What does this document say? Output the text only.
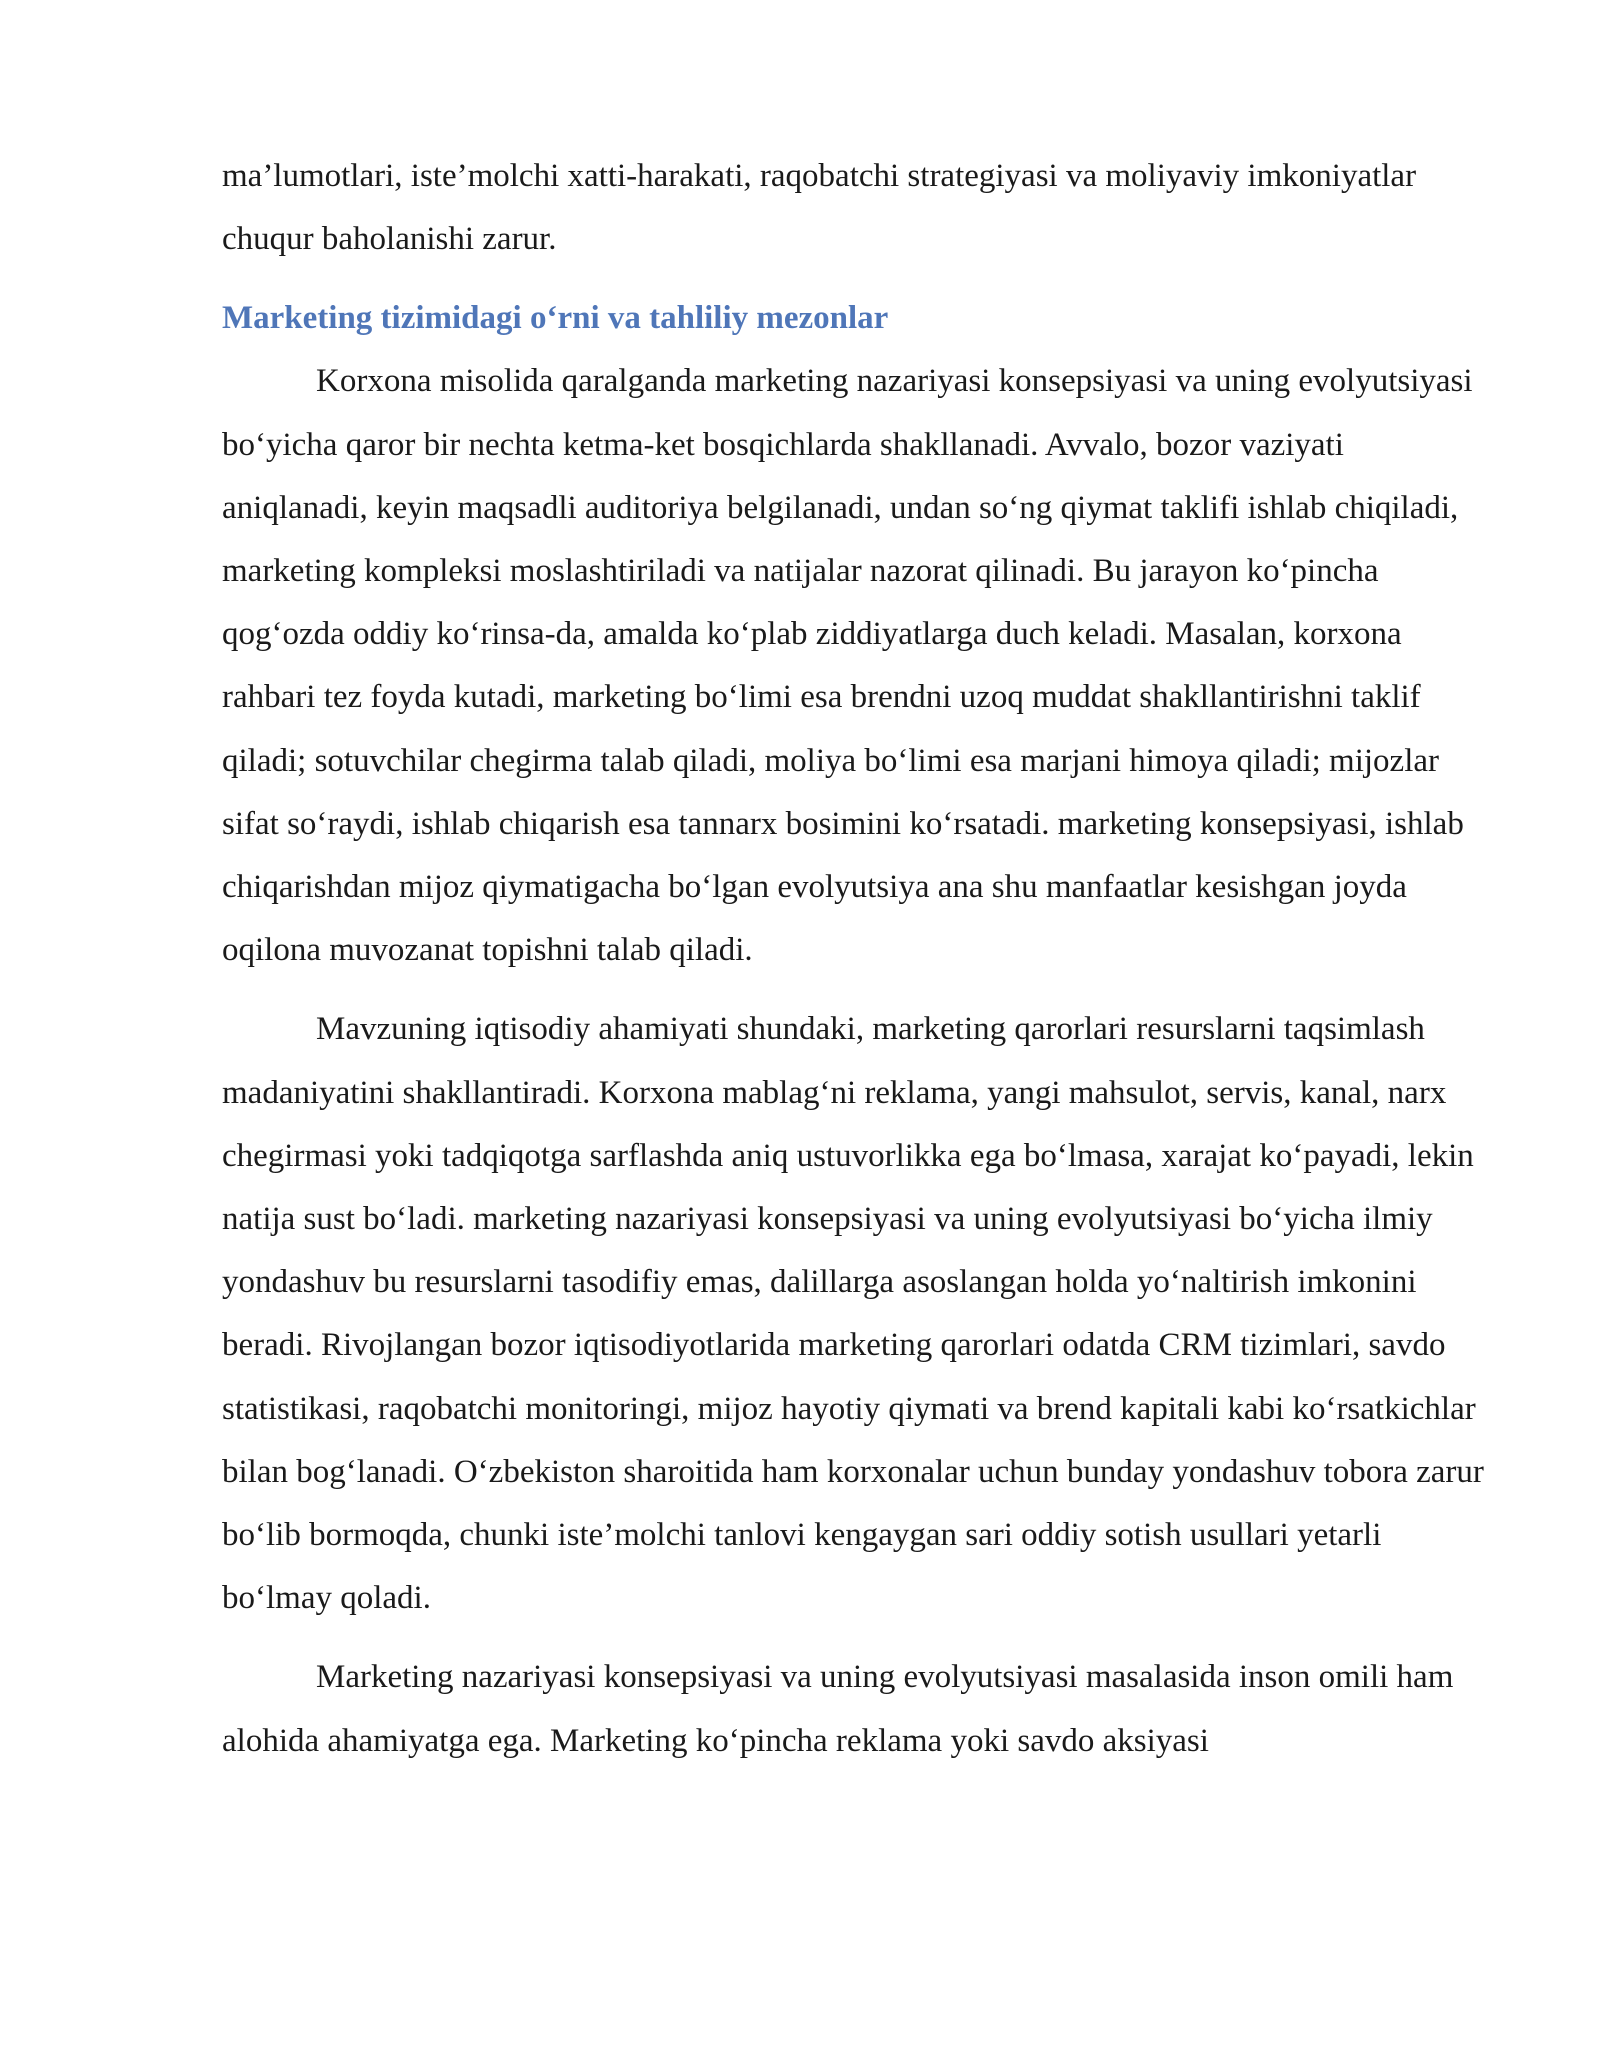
ma’lumotlari, iste’molchi xatti-harakati, raqobatchi strategiyasi va moliyaviy imkoniyatlar chuqur baholanishi zarur.

Marketing tizimidagi o‘rni va tahliliy mezonlar

Korxona misolida qaralganda marketing nazariyasi konsepsiyasi va uning evolyutsiyasi bo‘yicha qaror bir nechta ketma-ket bosqichlarda shakllanadi. Avvalo, bozor vaziyati aniqlanadi, keyin maqsadli auditoriya belgilanadi, undan so‘ng qiymat taklifi ishlab chiqiladi, marketing kompleksi moslashtiriladi va natijalar nazorat qilinadi. Bu jarayon ko‘pincha qog‘ozda oddiy ko‘rinsa-da, amalda ko‘plab ziddiyatlarga duch keladi. Masalan, korxona rahbari tez foyda kutadi, marketing bo‘limi esa brendni uzoq muddat shakllantirishni taklif qiladi; sotuvchilar chegirma talab qiladi, moliya bo‘limi esa marjani himoya qiladi; mijozlar sifat so‘raydi, ishlab chiqarish esa tannarx bosimini ko‘rsatadi. marketing konsepsiyasi, ishlab chiqarishdan mijoz qiymatigacha bo‘lgan evolyutsiya ana shu manfaatlar kesishgan joyda oqilona muvozanat topishni talab qiladi.

Mavzuning iqtisodiy ahamiyati shundaki, marketing qarorlari resurslarni taqsimlash madaniyatini shakllantiradi. Korxona mablag‘ni reklama, yangi mahsulot, servis, kanal, narx chegirmasi yoki tadqiqotga sarflashda aniq ustuvorlikka ega bo‘lmasa, xarajat ko‘payadi, lekin natija sust bo‘ladi. marketing nazariyasi konsepsiyasi va uning evolyutsiyasi bo‘yicha ilmiy yondashuv bu resurslarni tasodifiy emas, dalillarga asoslangan holda yo‘naltirish imkonini beradi. Rivojlangan bozor iqtisodiyotlarida marketing qarorlari odatda CRM tizimlari, savdo statistikasi, raqobatchi monitoringi, mijoz hayotiy qiymati va brend kapitali kabi ko‘rsatkichlar bilan bog‘lanadi. O‘zbekiston sharoitida ham korxonalar uchun bunday yondashuv tobora zarur bo‘lib bormoqda, chunki iste’molchi tanlovi kengaygan sari oddiy sotish usullari yetarli bo‘lmay qoladi.

Marketing nazariyasi konsepsiyasi va uning evolyutsiyasi masalasida inson omili ham alohida ahamiyatga ega. Marketing ko‘pincha reklama yoki savdo aksiyasi
